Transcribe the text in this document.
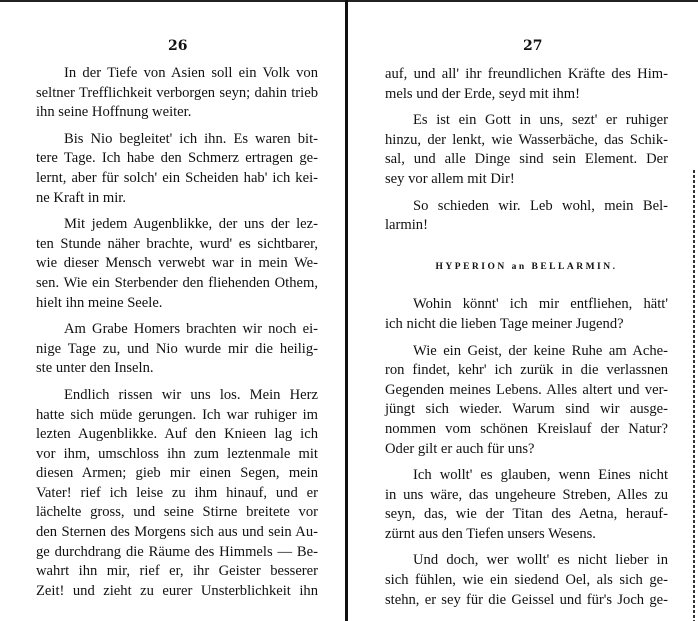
26
In der Tiefe von Asien soll ein Volk von
seltner Trefflichkeit verborgen seyn; dahin trieb
ihn seine Hoffnung weiter.
Bis Nio begleitet' ich ihn. Es waren bit-
tere Tage. Ich habe den Schmerz ertragen ge-
lernt, aber für solch' ein Scheiden hab' ich kei-
ne Kraft in mir.
Mit jedem Augenblikke, der uns der lez-
ten Stunde näher brachte, wurd' es sichtbarer,
wie dieser Mensch verwebt war in mein We-
sen. Wie ein Sterbender den fliehenden Othem,
hielt ihn meine Seele.
Am Grabe Homers brachten wir noch ei-
nige Tage zu, und Nio wurde mir die heilig-
ste unter den Inseln.
Endlich rissen wir uns los. Mein Herz
hatte sich müde gerungen. Ich war ruhiger im
lezten Augenblikke. Auf den Knieen lag ich
vor ihm, umschloss ihn zum leztenmale mit
diesen Armen; gieb mir einen Segen, mein
Vater! rief ich leise zu ihm hinauf, und er
lächelte gross, und seine Stirne breitete vor
den Sternen des Morgens sich aus und sein Au-
ge durchdrang die Räume des Himmels — Be-
wahrt ihn mir, rief er, ihr Geister besserer
Zeit! und zieht zu eurer Unsterblichkeit ihn
27
auf, und all' ihr freundlichen Kräfte des Him-
mels und der Erde, seyd mit ihm!
Es ist ein Gott in uns, sezt' er ruhiger
hinzu, der lenkt, wie Wasserbäche, das Schik-
sal, und alle Dinge sind sein Element. Der
sey vor allem mit Dir!
So schieden wir. Leb wohl, mein Bel-
larmin!
HYPERION an BELLARMIN.
Wohin könnt' ich mir entfliehen, hätt'
ich nicht die lieben Tage meiner Jugend?
Wie ein Geist, der keine Ruhe am Ache-
ron findet, kehr' ich zurük in die verlassnen
Gegenden meines Lebens. Alles altert und ver-
jüngt sich wieder. Warum sind wir ausge-
nommen vom schönen Kreislauf der Natur?
Oder gilt er auch für uns?
Ich wollt' es glauben, wenn Eines nicht
in uns wäre, das ungeheure Streben, Alles zu
seyn, das, wie der Titan des Aetna, herauf-
zürnt aus den Tiefen unsers Wesens.
Und doch, wer wollt' es nicht lieber in
sich fühlen, wie ein siedend Oel, als sich ge-
stehn, er sey für die Geissel und für's Joch ge-
